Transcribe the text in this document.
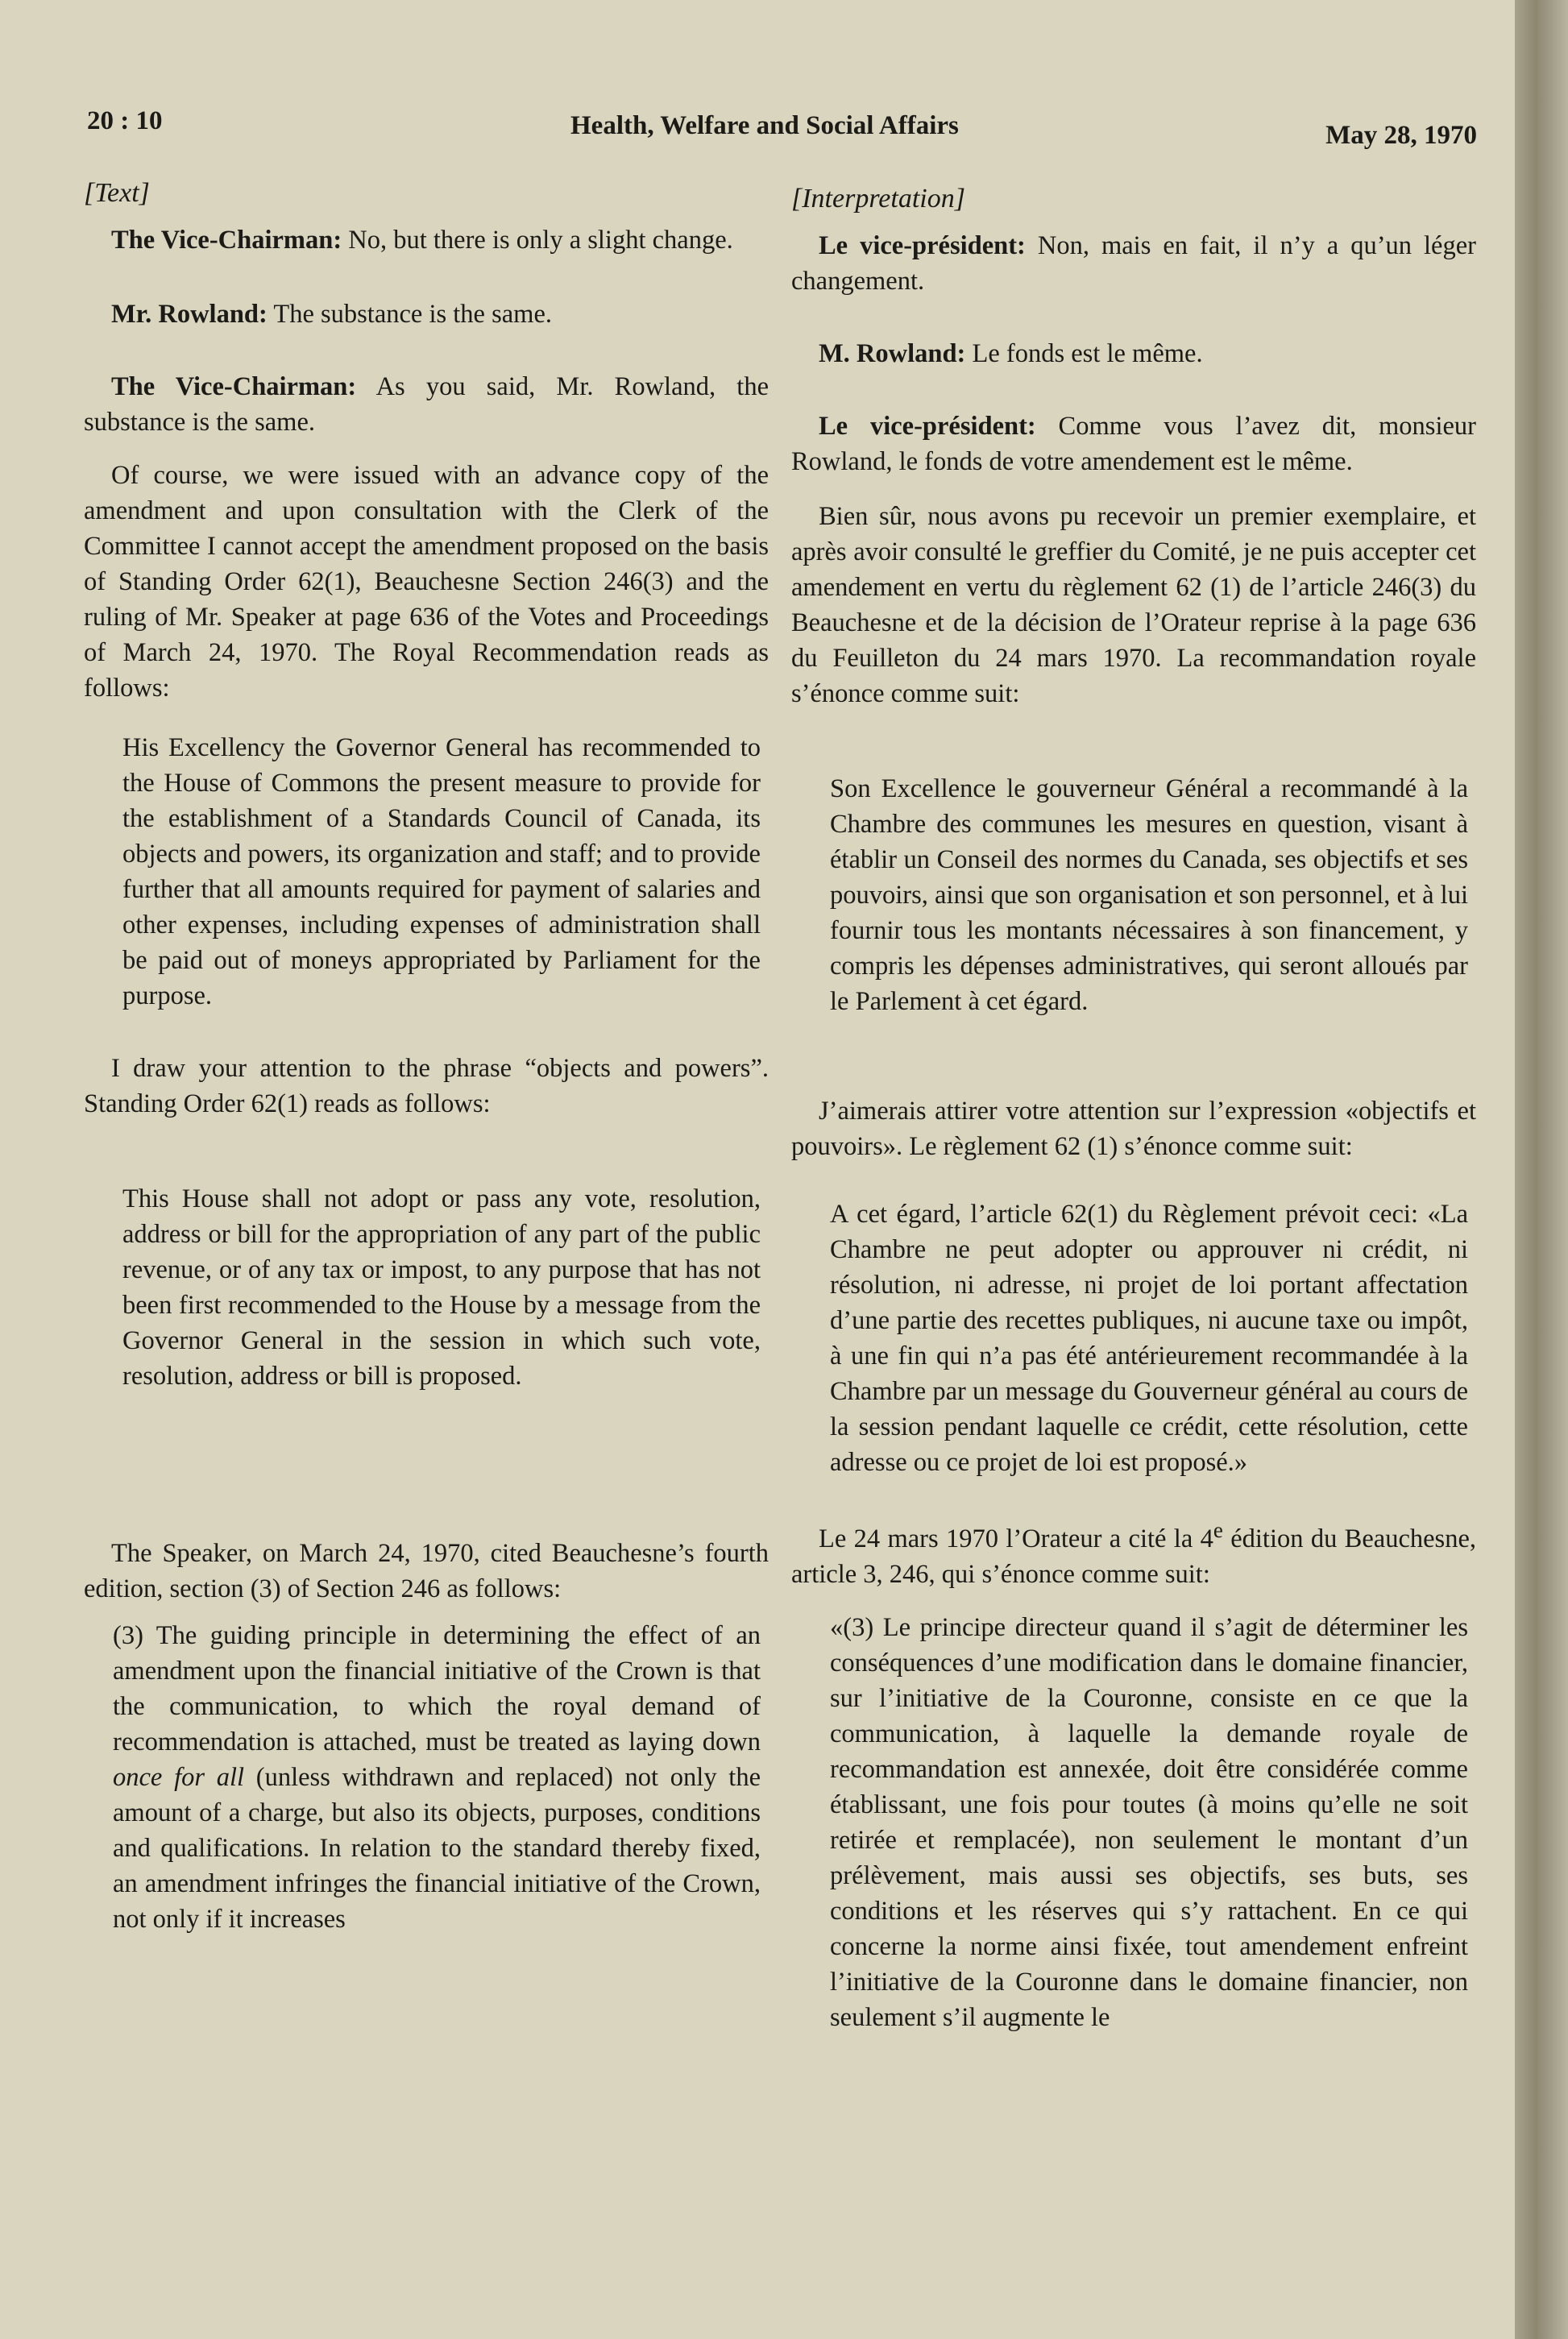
20 : 10	Health, Welfare and Social Affairs	May 28, 1970

[Text]

The Vice-Chairman: No, but there is only a slight change.

Mr. Rowland: The substance is the same.

The Vice-Chairman: As you said, Mr. Rowland, the substance is the same.

Of course, we were issued with an advance copy of the amendment and upon consultation with the Clerk of the Committee I cannot accept the amendment proposed on the basis of Standing Order 62(1), Beauchesne Section 246(3) and the ruling of Mr. Speaker at page 636 of the Votes and Proceedings of March 24, 1970. The Royal Recommendation reads as follows:

His Excellency the Governor General has recommended to the House of Commons the present measure to provide for the establishment of a Standards Council of Canada, its objects and powers, its organization and staff; and to provide further that all amounts required for payment of salaries and other expenses, including expenses of administration shall be paid out of moneys appropriated by Parliament for the purpose.

I draw your attention to the phrase “objects and powers”. Standing Order 62(1) reads as follows:

This House shall not adopt or pass any vote, resolution, address or bill for the appropriation of any part of the public revenue, or of any tax or impost, to any purpose that has not been first recommended to the House by a message from the Governor General in the session in which such vote, resolution, address or bill is proposed.

The Speaker, on March 24, 1970, cited Beauchesne’s fourth edition, section (3) of Section 246 as follows:

(3) The guiding principle in determining the effect of an amendment upon the financial initiative of the Crown is that the communication, to which the royal demand of recommendation is attached, must be treated as laying down once for all (unless withdrawn and replaced) not only the amount of a charge, but also its objects, purposes, conditions and qualifications. In relation to the standard thereby fixed, an amendment infringes the financial initiative of the Crown, not only if it increases

[Interpretation]

Le vice-président: Non, mais en fait, il n’y a qu’un léger changement.

M. Rowland: Le fonds est le même.

Le vice-président: Comme vous l’avez dit, monsieur Rowland, le fonds de votre amendement est le même.

Bien sûr, nous avons pu recevoir un premier exemplaire, et après avoir consulté le greffier du Comité, je ne puis accepter cet amendement en vertu du règlement 62 (1) de l’article 246(3) du Beauchesne et de la décision de l’Orateur reprise à la page 636 du Feuilleton du 24 mars 1970. La recommandation royale s’énonce comme suit:

Son Excellence le gouverneur Général a recommandé à la Chambre des communes les mesures en question, visant à établir un Conseil des normes du Canada, ses objectifs et ses pouvoirs, ainsi que son organisation et son personnel, et à lui fournir tous les montants nécessaires à son financement, y compris les dépenses administratives, qui seront alloués par le Parlement à cet égard.

J’aimerais attirer votre attention sur l’expression «objectifs et pouvoirs». Le règlement 62 (1) s’énonce comme suit:

A cet égard, l’article 62(1) du Règlement prévoit ceci: «La Chambre ne peut adopter ou approuver ni crédit, ni résolution, ni adresse, ni projet de loi portant affectation d’une partie des recettes publiques, ni aucune taxe ou impôt, à une fin qui n’a pas été antérieurement recommandée à la Chambre par un message du Gouverneur général au cours de la session pendant laquelle ce crédit, cette résolution, cette adresse ou ce projet de loi est proposé.»

Le 24 mars 1970 l’Orateur a cité la 4e édition du Beauchesne, article 3, 246, qui s’énonce comme suit:

«(3) Le principe directeur quand il s’agit de déterminer les conséquences d’une modification dans le domaine financier, sur l’initiative de la Couronne, consiste en ce que la communication, à laquelle la demande royale de recommandation est annexée, doit être considérée comme établissant, une fois pour toutes (à moins qu’elle ne soit retirée et remplacée), non seulement le montant d’un prélèvement, mais aussi ses objectifs, ses buts, ses conditions et les réserves qui s’y rattachent. En ce qui concerne la norme ainsi fixée, tout amendement enfreint l’initiative de la Couronne dans le domaine financier, non seulement s’il augmente le
